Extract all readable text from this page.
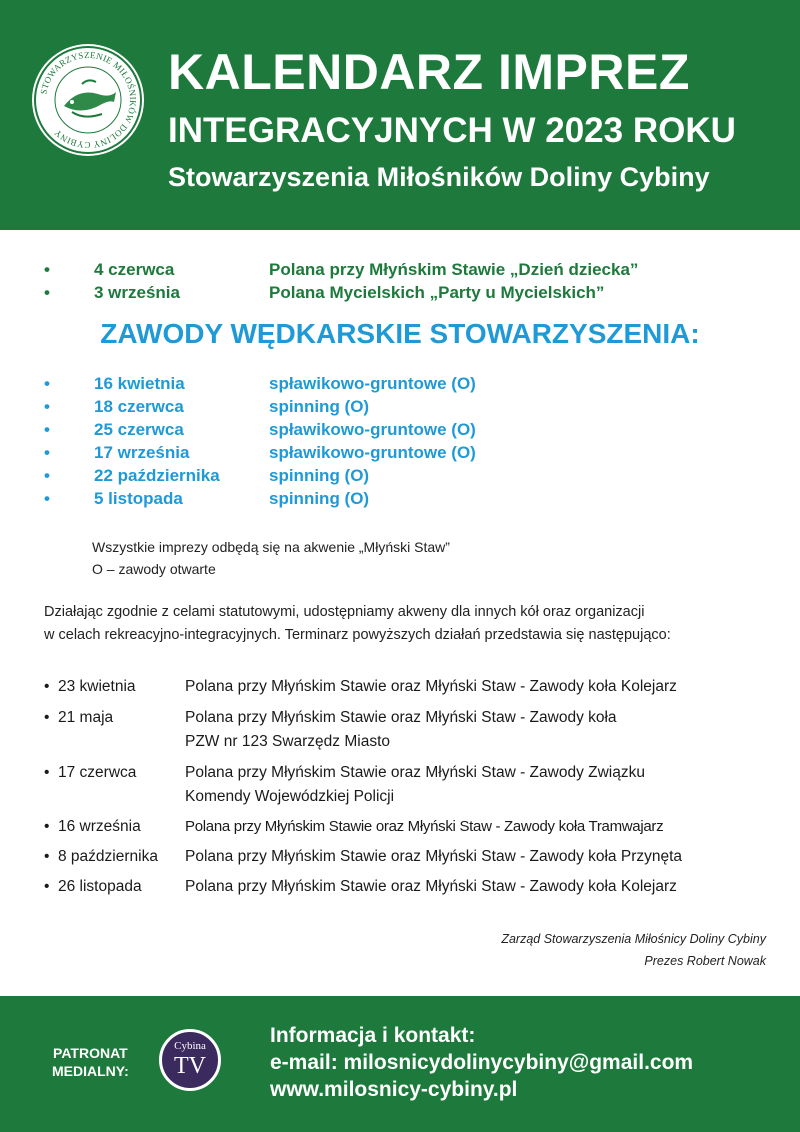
STOWARZYSZENIE MIŁOŚNIKÓW DOLINY CYBINY
KALENDARZ IMPREZ
INTEGRACYJNYCH W 2023 ROKU
Stowarzyszenia Miłośników Doliny Cybiny
•	4 czerwca	Polana przy Młyńskim Stawie „Dzień dziecka”
•	3 września	Polana Mycielskich „Party u Mycielskich”
ZAWODY WĘDKARSKIE STOWARZYSZENIA:
•	16 kwietnia	spławikowo-gruntowe (O)
•	18 czerwca	spinning (O)
•	25 czerwca	spławikowo-gruntowe (O)
•	17 września	spławikowo-gruntowe (O)
•	22 października	spinning (O)
•	5 listopada	spinning (O)
Wszystkie imprezy odbędą się na akwenie „Młyński Staw”
O – zawody otwarte
Działając zgodnie z celami statutowymi, udostępniamy akweny dla innych kół oraz organizacji
w celach rekreacyjno-integracyjnych. Terminarz powyższych działań przedstawia się następująco:
• 23 kwietnia	Polana przy Młyńskim Stawie oraz Młyński Staw - Zawody koła Kolejarz
• 21 maja	Polana przy Młyńskim Stawie oraz Młyński Staw - Zawody koła
PZW nr 123 Swarzędz Miasto
• 17 czerwca	Polana przy Młyńskim Stawie oraz Młyński Staw - Zawody Związku
Komendy Wojewódzkiej Policji
• 16 września	Polana przy Młyńskim Stawie oraz Młyński Staw - Zawody koła Tramwajarz
• 8 października Polana przy Młyńskim Stawie oraz Młyński Staw - Zawody koła Przynęta
• 26 listopada	Polana przy Młyńskim Stawie oraz Młyński Staw - Zawody koła Kolejarz
Zarząd Stowarzyszenia Miłośnicy Doliny Cybiny
Prezes Robert Nowak
PATRONAT
MEDIALNY:
Cybina
TV
Informacja i kontakt:
e-mail: milosnicydolinycybiny@gmail.com
www.milosnicy-cybiny.pl
